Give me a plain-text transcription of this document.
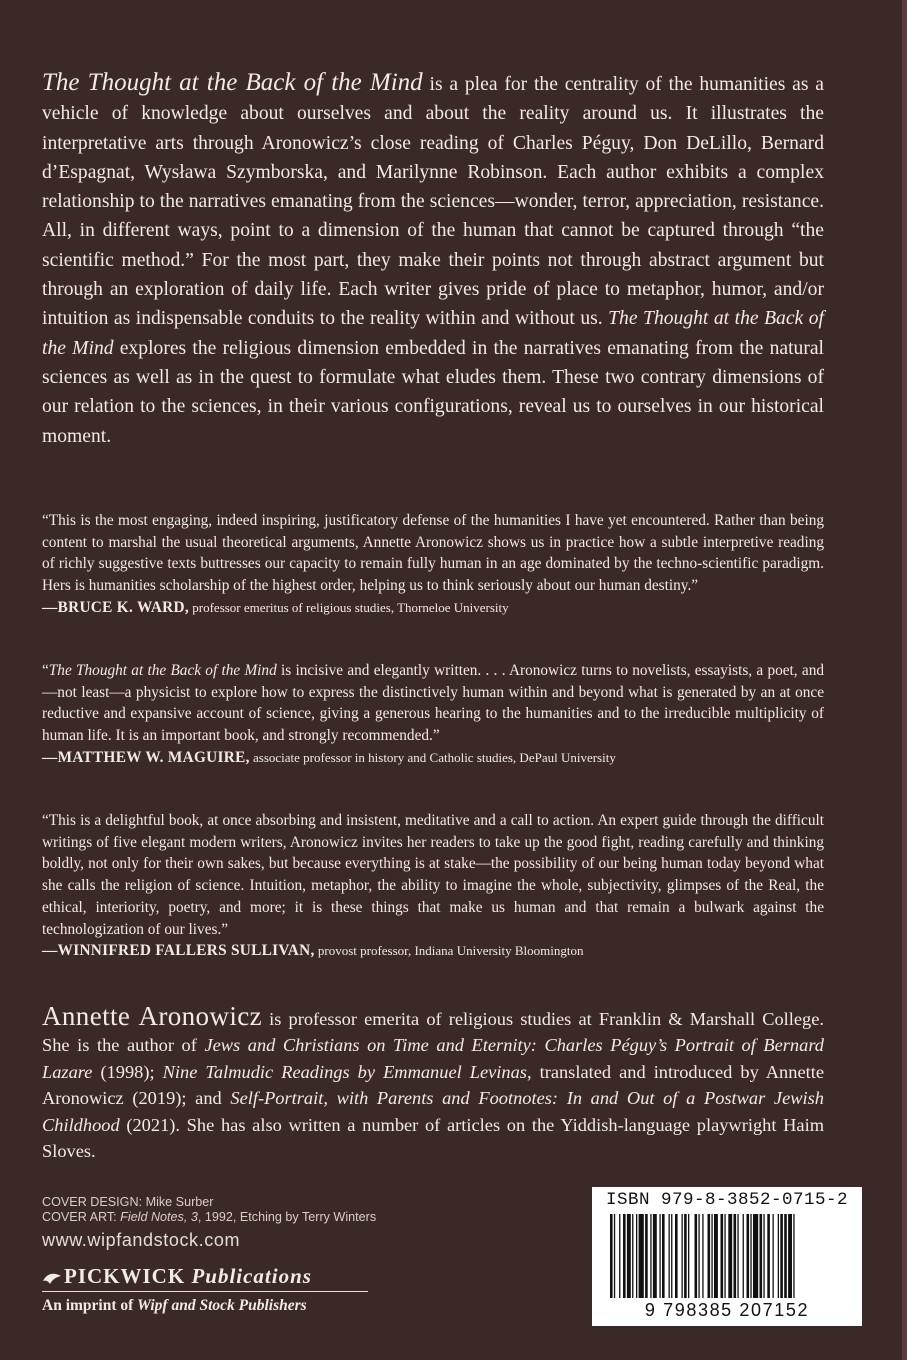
The Thought at the Back of the Mind is a plea for the centrality of the humanities as a vehicle of knowledge about ourselves and about the reality around us. It illustrates the interpretative arts through Aronowicz’s close reading of Charles Péguy, Don DeLillo, Bernard d’Espagnat, Wysława Szymborska, and Marilynne Robinson. Each author exhibits a complex relationship to the narratives emanating from the sciences—wonder, terror, appreciation, resistance. All, in different ways, point to a dimension of the human that cannot be captured through “the scientific method.” For the most part, they make their points not through abstract argument but through an exploration of daily life. Each writer gives pride of place to metaphor, humor, and/or intuition as indispensable conduits to the reality within and without us. The Thought at the Back of the Mind explores the religious dimension embedded in the narratives emanating from the natural sciences as well as in the quest to formulate what eludes them. These two contrary dimensions of our relation to the sciences, in their various configurations, reveal us to ourselves in our historical moment.

“This is the most engaging, indeed inspiring, justificatory defense of the humanities I have yet encountered. Rather than being content to marshal the usual theoretical arguments, Annette Aronowicz shows us in practice how a subtle interpretive reading of richly suggestive texts buttresses our capacity to remain fully human in an age dominated by the techno-scientific paradigm. Hers is humanities scholarship of the highest order, helping us to think seriously about our human destiny.”
—BRUCE K. WARD, professor emeritus of religious studies, Thorneloe University

“The Thought at the Back of the Mind is incisive and elegantly written. . . . Aronowicz turns to novelists, essayists, a poet, and—not least—a physicist to explore how to express the distinctively human within and beyond what is generated by an at once reductive and expansive account of science, giving a generous hearing to the humanities and to the irreducible multiplicity of human life. It is an important book, and strongly recommended.”
—MATTHEW W. MAGUIRE, associate professor in history and Catholic studies, DePaul University

“This is a delightful book, at once absorbing and insistent, meditative and a call to action. An expert guide through the difficult writings of five elegant modern writers, Aronowicz invites her readers to take up the good fight, reading carefully and thinking boldly, not only for their own sakes, but because everything is at stake—the possibility of our being human today beyond what she calls the religion of science. Intuition, metaphor, the ability to imagine the whole, subjectivity, glimpses of the Real, the ethical, interiority, poetry, and more; it is these things that make us human and that remain a bulwark against the technologization of our lives.”
—WINNIFRED FALLERS SULLIVAN, provost professor, Indiana University Bloomington

Annette Aronowicz is professor emerita of religious studies at Franklin & Marshall College. She is the author of Jews and Christians on Time and Eternity: Charles Péguy’s Portrait of Bernard Lazare (1998); Nine Talmudic Readings by Emmanuel Levinas, translated and introduced by Annette Aronowicz (2019); and Self-Portrait, with Parents and Footnotes: In and Out of a Postwar Jewish Childhood (2021). She has also written a number of articles on the Yiddish-language playwright Haim Sloves.

COVER DESIGN: Mike Surber
COVER ART: Field Notes, 3, 1992, Etching by Terry Winters
www.wipfandstock.com
PICKWICK Publications
An imprint of Wipf and Stock Publishers

ISBN 979-8-3852-0715-2

9 798385 207152
